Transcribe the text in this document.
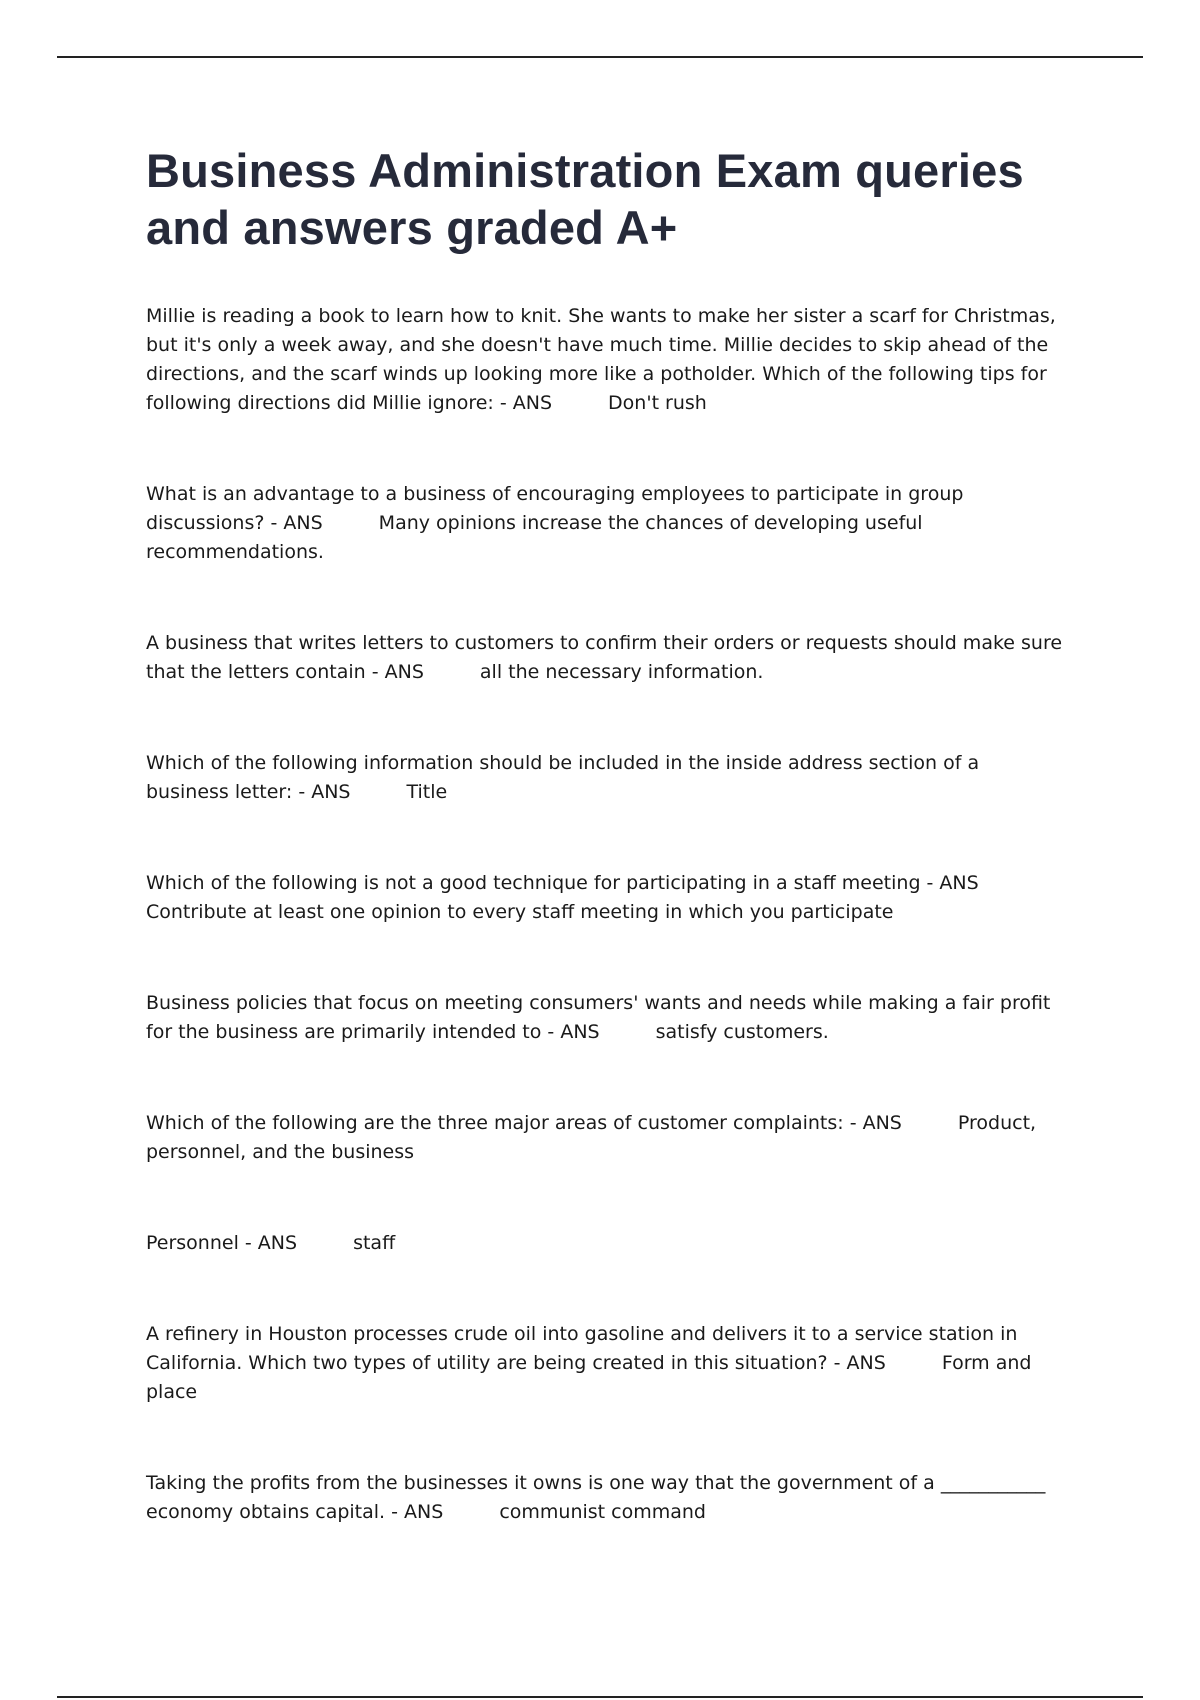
Business Administration Exam queries and answers graded A+

Millie is reading a book to learn how to knit. She wants to make her sister a scarf for Christmas, but it's only a week away, and she doesn't have much time. Millie decides to skip ahead of the directions, and the scarf winds up looking more like a potholder. Which of the following tips for following directions did Millie ignore: - ANS	Don't rush

What is an advantage to a business of encouraging employees to participate in group discussions? - ANS	Many opinions increase the chances of developing useful recommendations.

A business that writes letters to customers to confirm their orders or requests should make sure that the letters contain - ANS	all the necessary information.

Which of the following information should be included in the inside address section of a business letter: - ANS	Title

Which of the following is not a good technique for participating in a staff meeting - ANSContribute at least one opinion to every staff meeting in which you participate

Business policies that focus on meeting consumers' wants and needs while making a fair profit for the business are primarily intended to - ANS	satisfy customers.

Which of the following are the three major areas of customer complaints: - ANS	Product, personnel, and the business

Personnel - ANS	staff

A refinery in Houston processes crude oil into gasoline and delivers it to a service station in California. Which two types of utility are being created in this situation? - ANS	Form and place

Taking the profits from the businesses it owns is one way that the government of a ___________ economy obtains capital. - ANS	communist command
